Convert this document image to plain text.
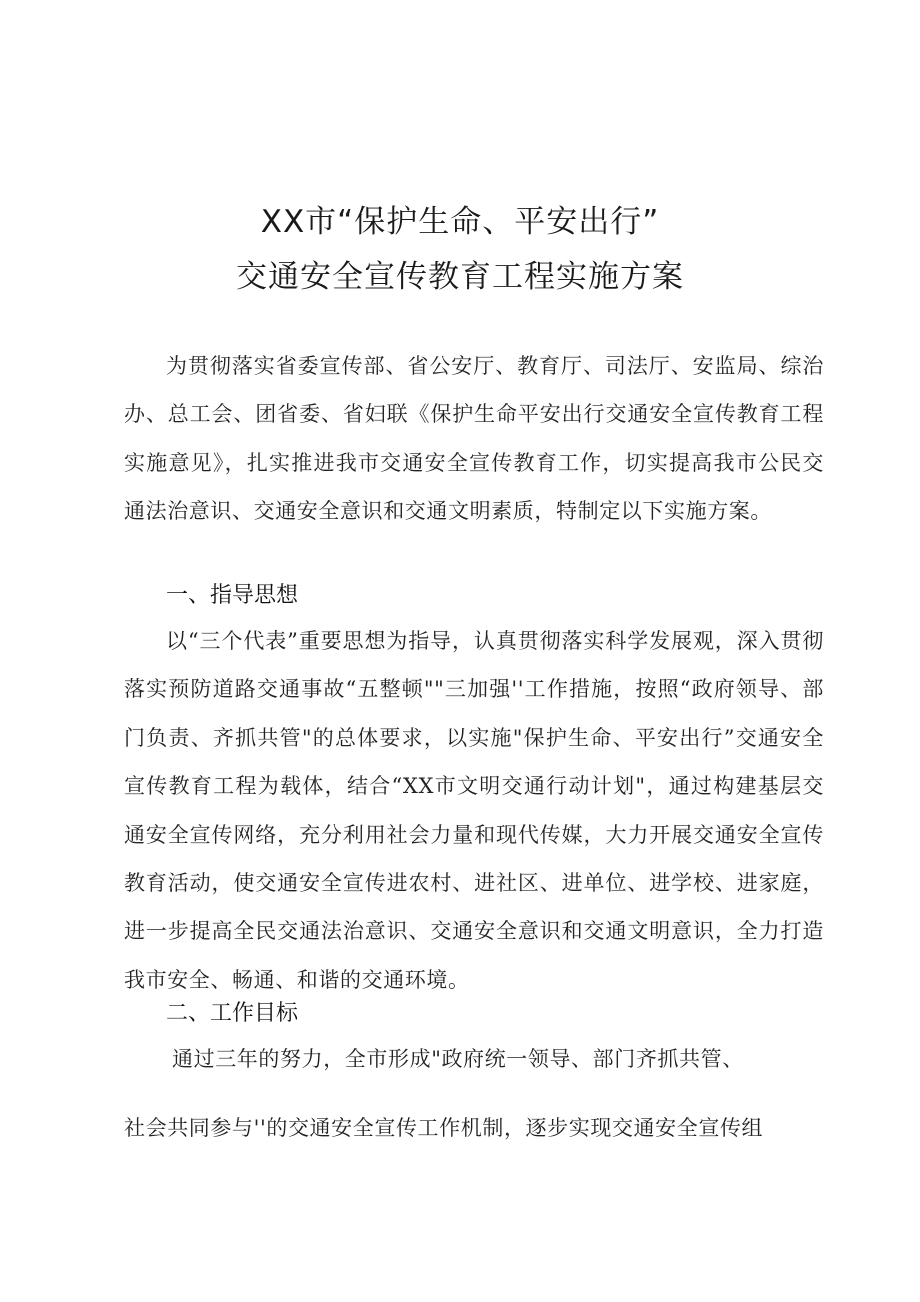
XX市“保护生命、平安出行”
交通安全宣传教育工程实施方案

为贯彻落实省委宣传部、省公安厅、教育厅、司法厅、安监局、综治办、总工会、团省委、省妇联《保护生命平安出行交通安全宣传教育工程实施意见》，扎实推进我市交通安全宣传教育工作，切实提高我市公民交通法治意识、交通安全意识和交通文明素质，特制定以下实施方案。

一、指导思想

以“三个代表”重要思想为指导，认真贯彻落实科学发展观，深入贯彻落实预防道路交通事故“五整顿""三加强''工作措施，按照“政府领导、部门负责、齐抓共管"的总体要求，以实施"保护生命、平安出行”交通安全宣传教育工程为载体，结合“XX市文明交通行动计划"，通过构建基层交通安全宣传网络，充分利用社会力量和现代传媒，大力开展交通安全宣传教育活动，使交通安全宣传进农村、进社区、进单位、进学校、进家庭，进一步提高全民交通法治意识、交通安全意识和交通文明意识，全力打造我市安全、畅通、和谐的交通环境。

二、工作目标

通过三年的努力，全市形成"政府统一领导、部门齐抓共管、

社会共同参与''的交通安全宣传工作机制，逐步实现交通安全宣传组
